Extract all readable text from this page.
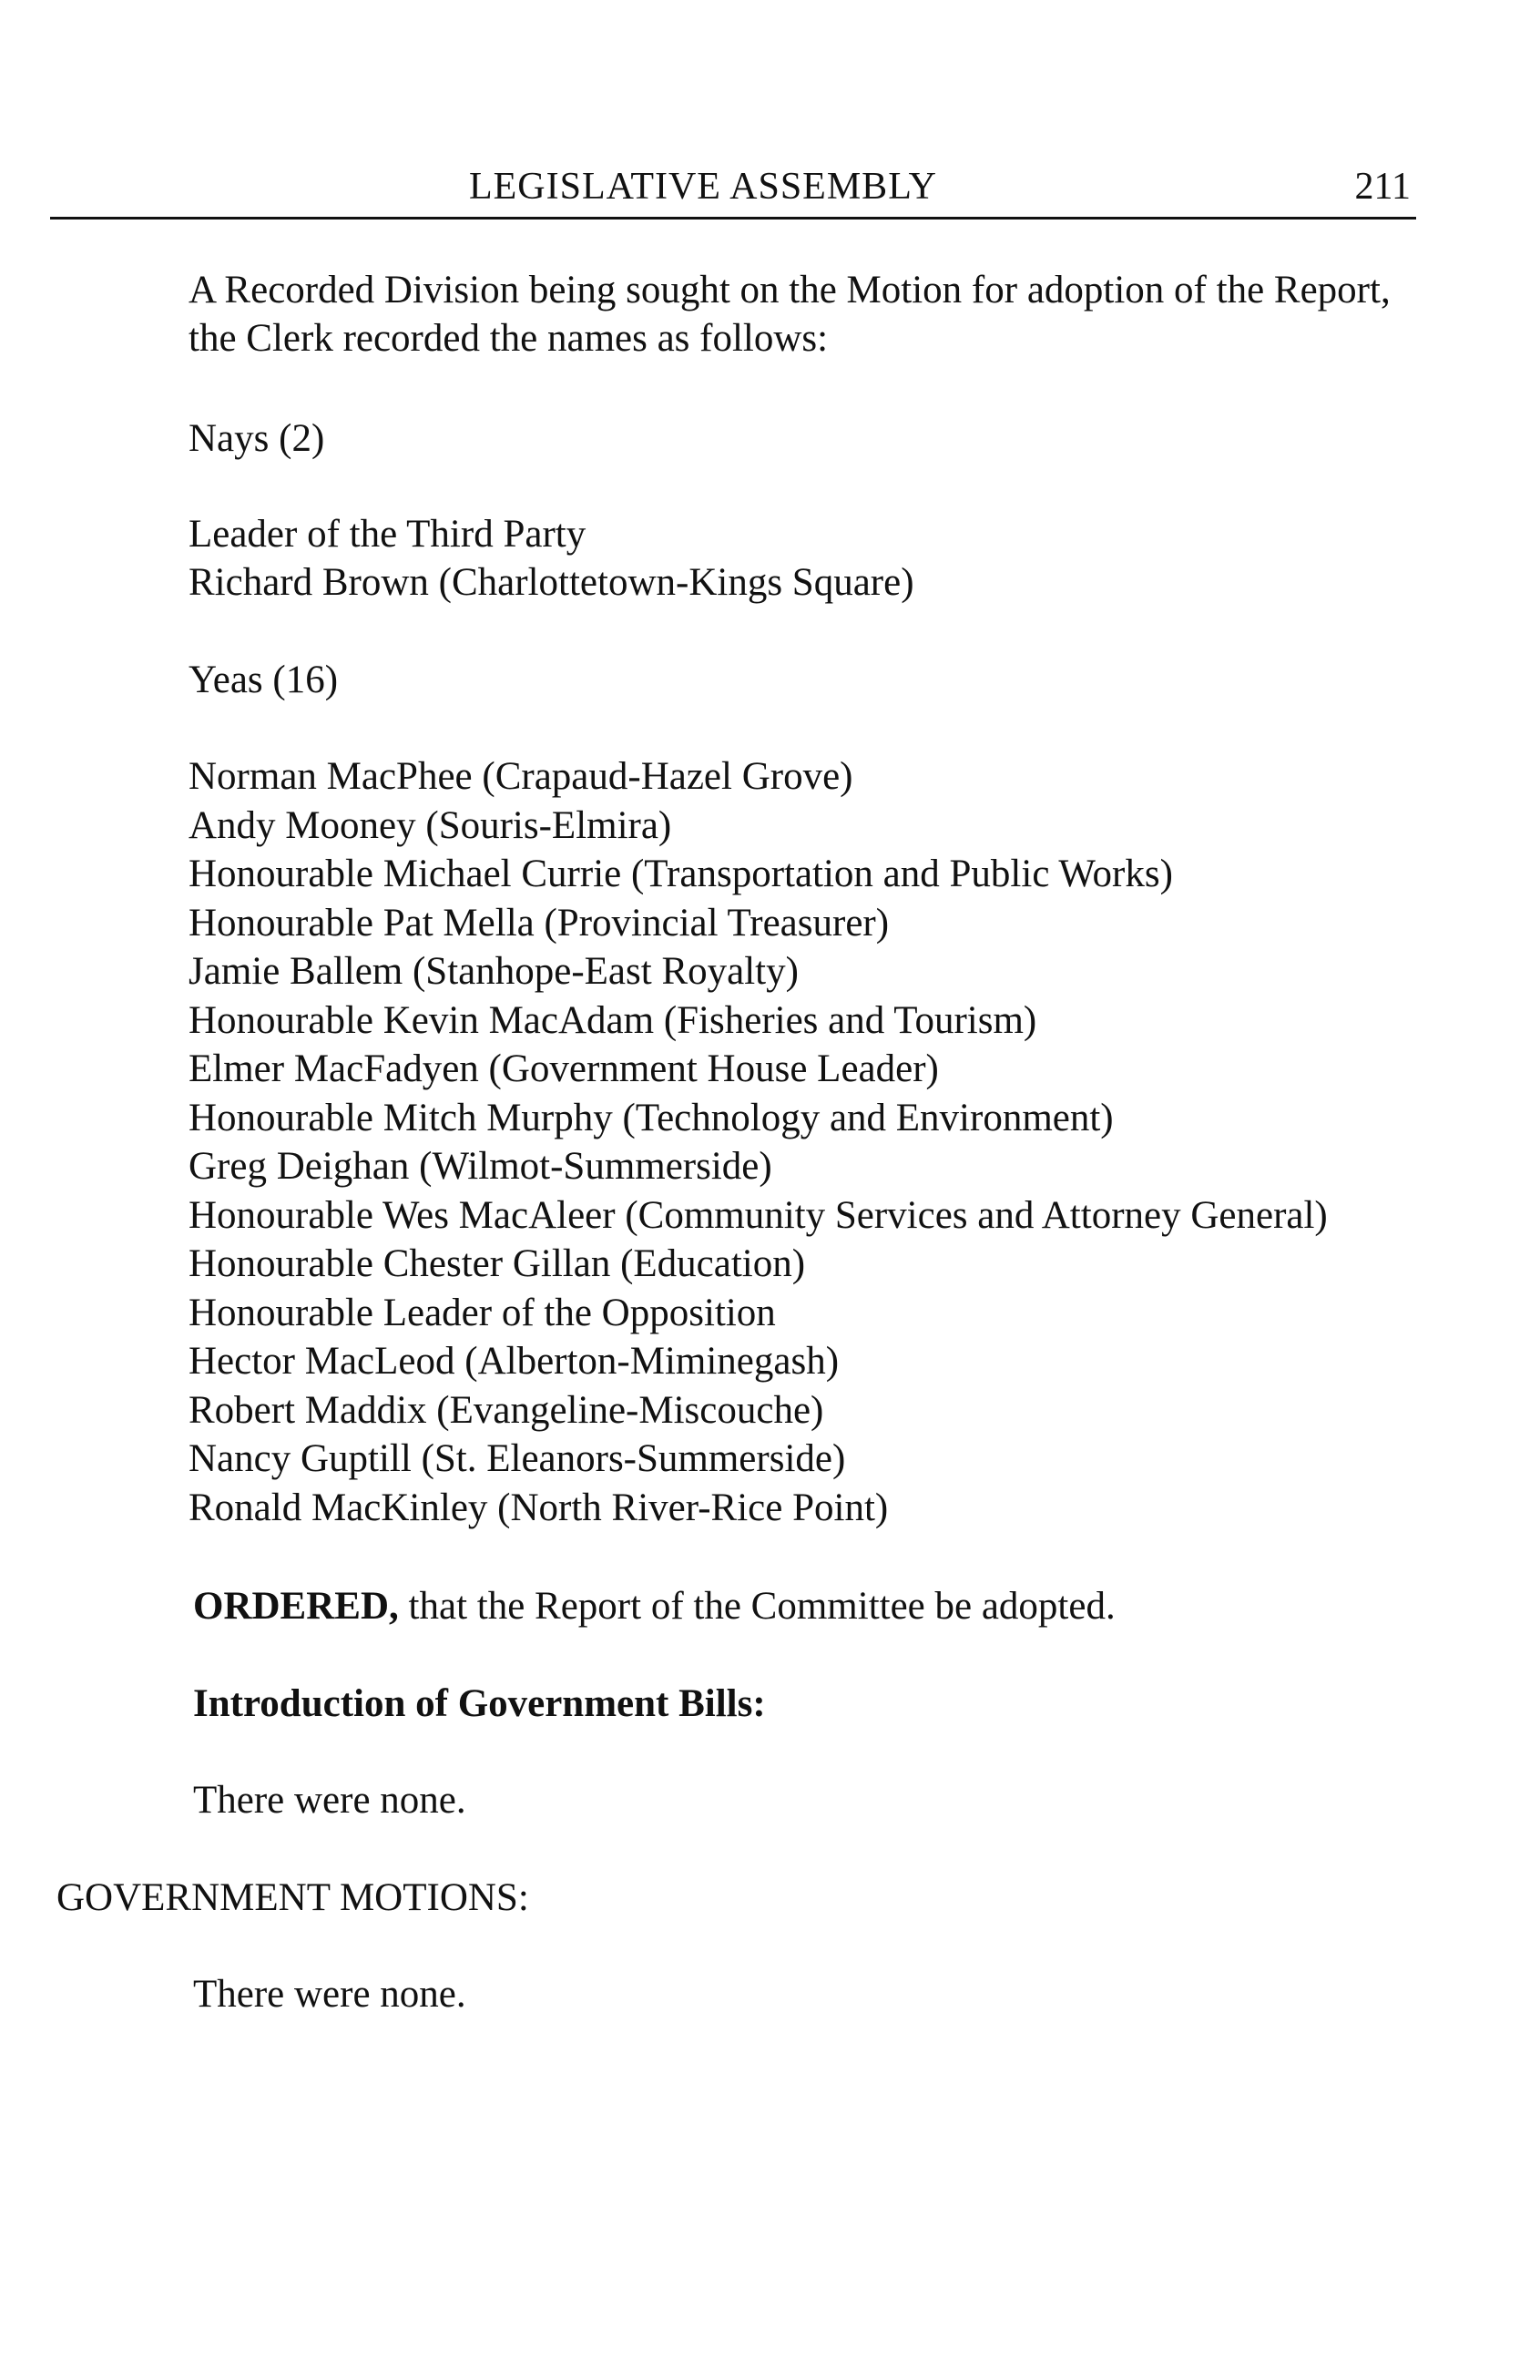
LEGISLATIVE ASSEMBLY	211
A Recorded Division being sought on the Motion for adoption of the Report,
the Clerk recorded the names as follows:
Nays (2)
Leader of the Third Party
Richard Brown (Charlottetown-Kings Square)
Yeas (16)
Norman MacPhee (Crapaud-Hazel Grove)
Andy Mooney (Souris-Elmira)
Honourable Michael Currie (Transportation and Public Works)
Honourable Pat Mella (Provincial Treasurer)
Jamie Ballem (Stanhope-East Royalty)
Honourable Kevin MacAdam (Fisheries and Tourism)
Elmer MacFadyen (Government House Leader)
Honourable Mitch Murphy (Technology and Environment)
Greg Deighan (Wilmot-Summerside)
Honourable Wes MacAleer (Community Services and Attorney General)
Honourable Chester Gillan (Education)
Honourable Leader of the Opposition
Hector MacLeod (Alberton-Miminegash)
Robert Maddix (Evangeline-Miscouche)
Nancy Guptill (St. Eleanors-Summerside)
Ronald MacKinley (North River-Rice Point)
ORDERED, that the Report of the Committee be adopted.
Introduction of Government Bills:
There were none.
GOVERNMENT MOTIONS:
There were none.
